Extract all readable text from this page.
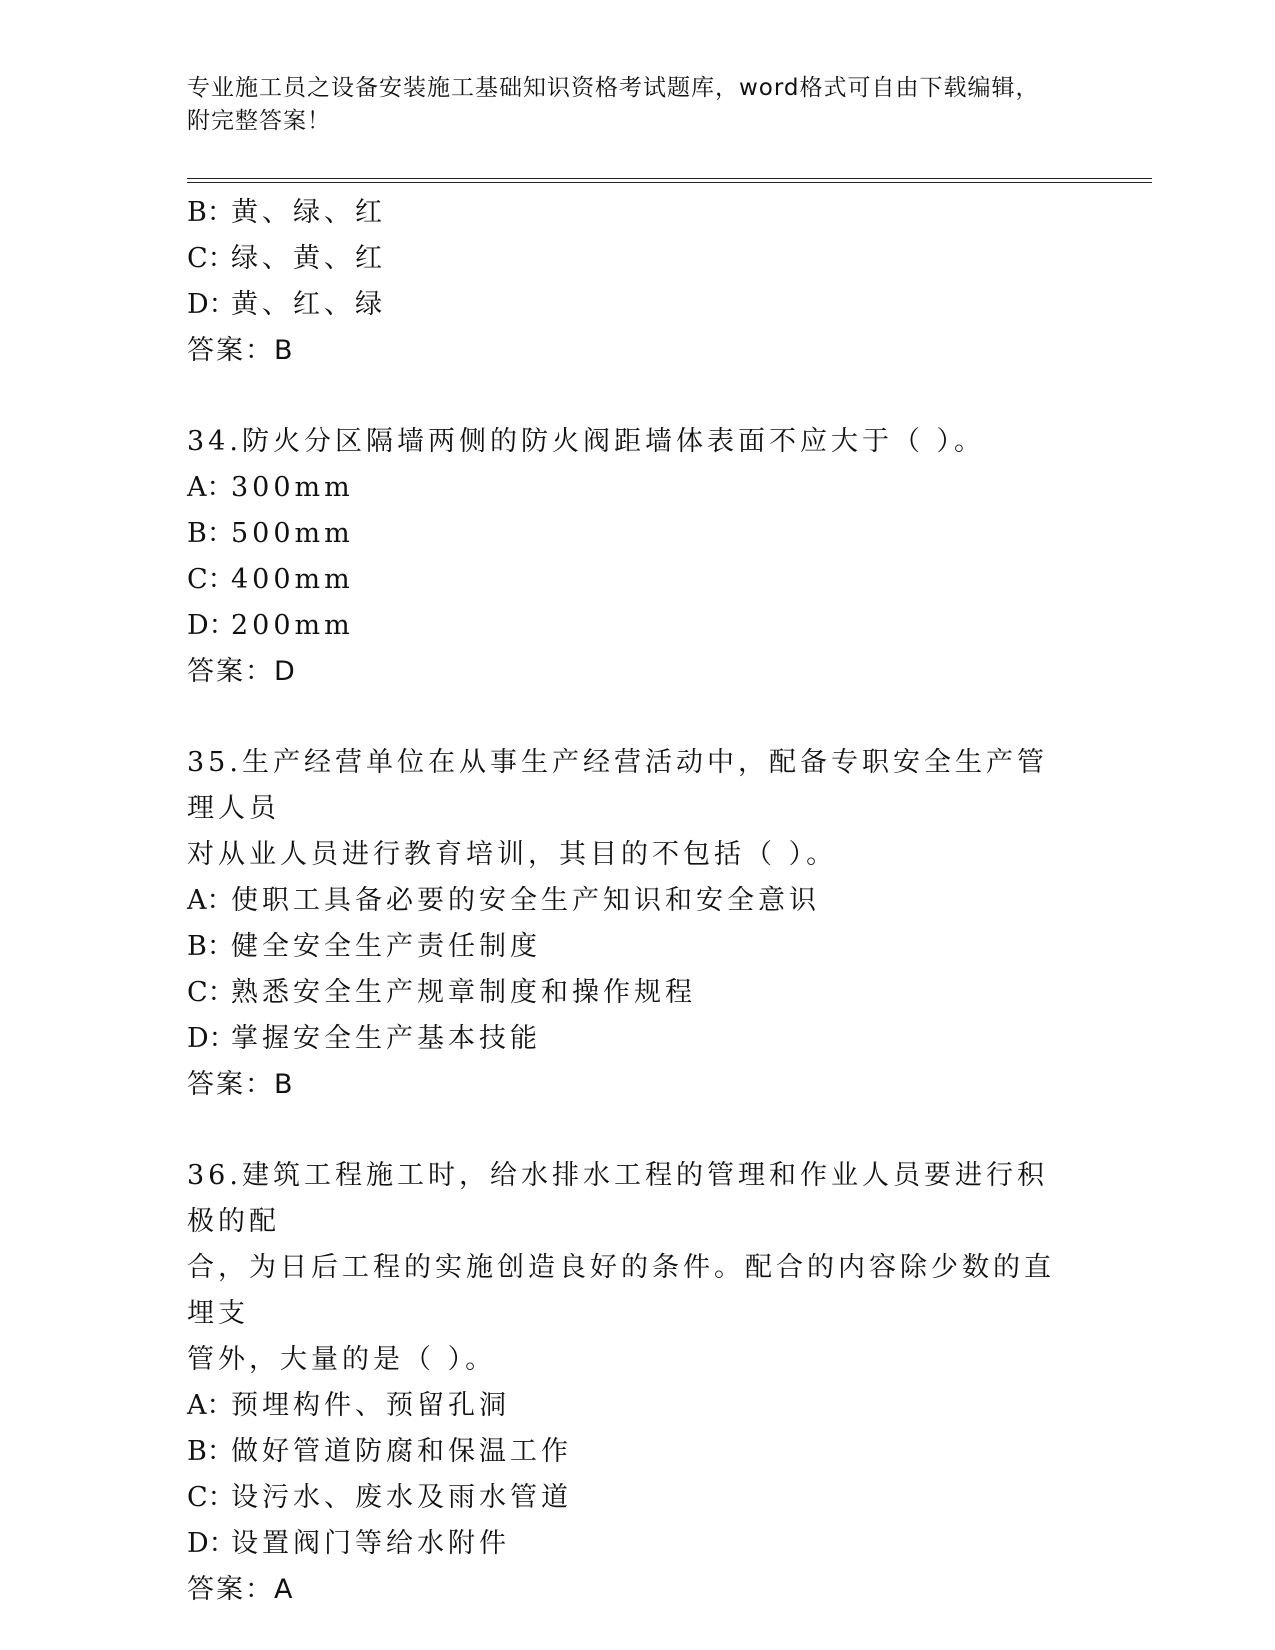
专业施工员之设备安装施工基础知识资格考试题库，word格式可自由下载编辑，
附完整答案！
B：黄、绿、红
C：绿、黄、红
D：黄、红、绿
答案：B
34.防火分区隔墙两侧的防火阀距墙体表面不应大于（ ）。
A：300mm
B：500mm
C：400mm
D：200mm
答案：D
35.生产经营单位在从事生产经营活动中，配备专职安全生产管理人员
对从业人员进行教育培训，其目的不包括（ ）。
A：使职工具备必要的安全生产知识和安全意识
B：健全安全生产责任制度
C：熟悉安全生产规章制度和操作规程
D：掌握安全生产基本技能
答案：B
36.建筑工程施工时，给水排水工程的管理和作业人员要进行积极的配
合，为日后工程的实施创造良好的条件。配合的内容除少数的直埋支
管外，大量的是（ ）。
A：预埋构件、预留孔洞
B：做好管道防腐和保温工作
C：设污水、废水及雨水管道
D：设置阀门等给水附件
答案：A
